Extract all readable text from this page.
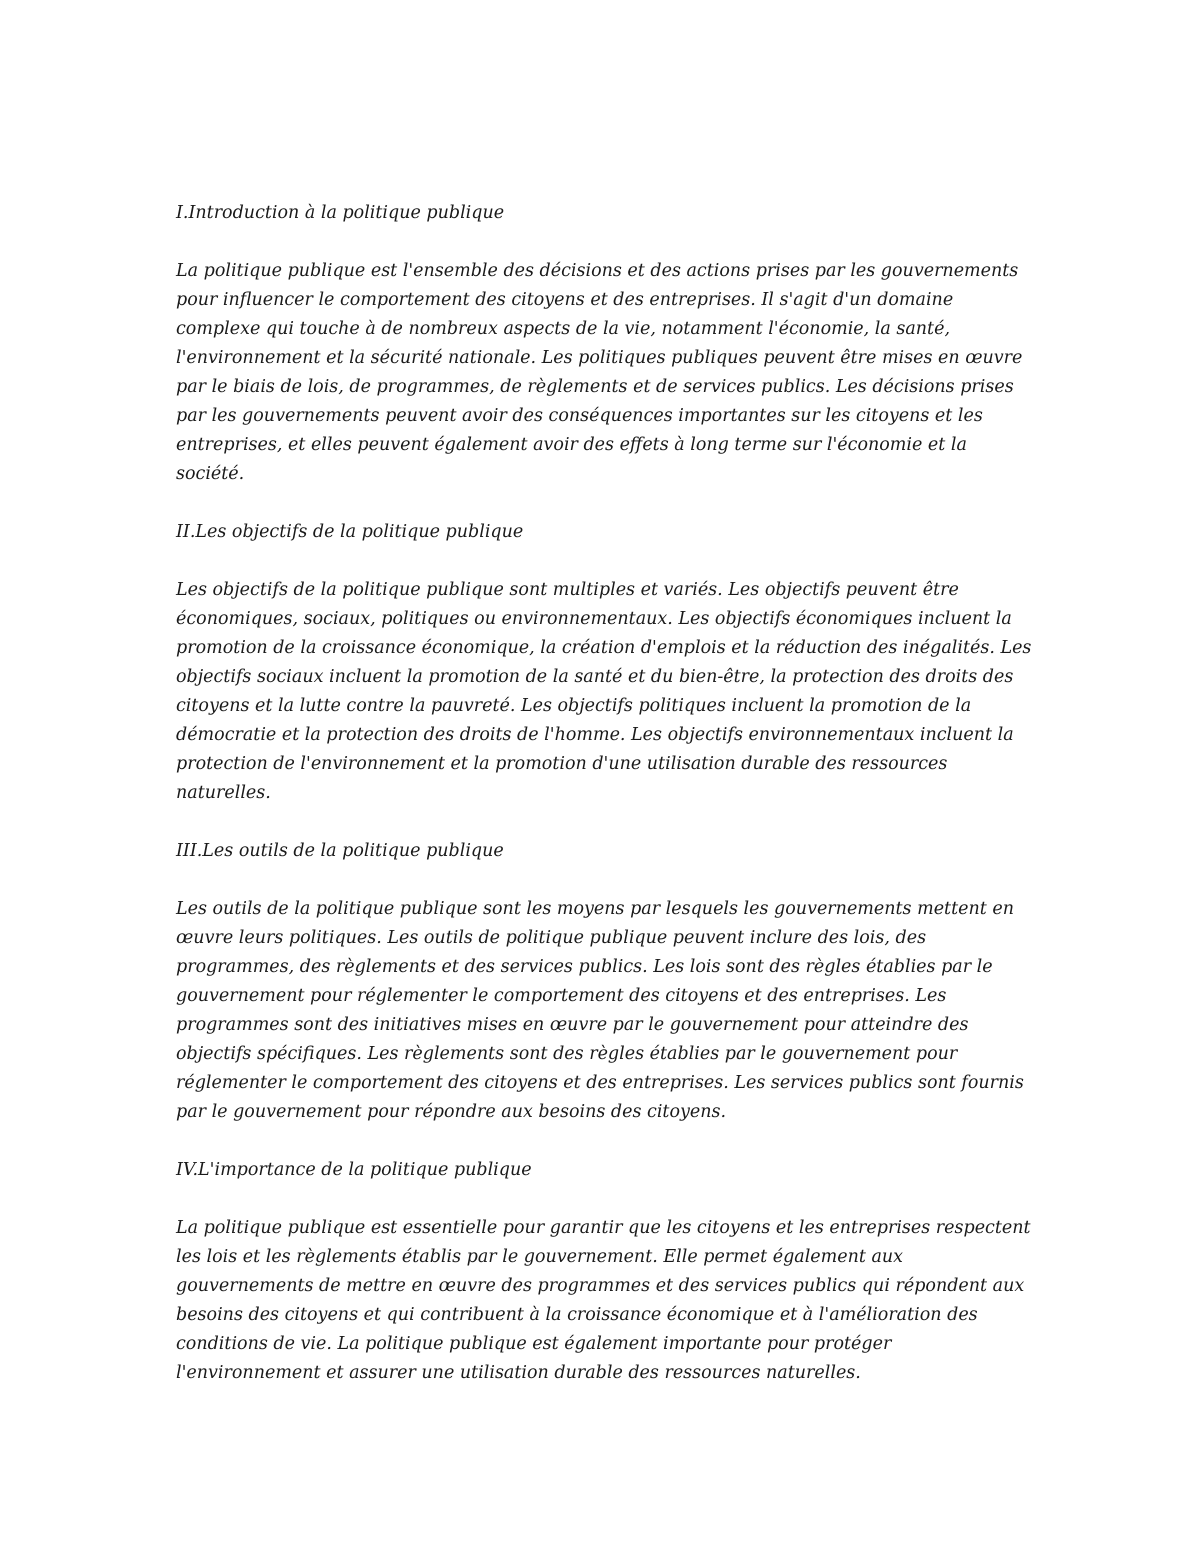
I.Introduction à la politique publique

La politique publique est l'ensemble des décisions et des actions prises par les gouvernements pour influencer le comportement des citoyens et des entreprises. Il s'agit d'un domaine complexe qui touche à de nombreux aspects de la vie, notamment l'économie, la santé, l'environnement et la sécurité nationale. Les politiques publiques peuvent être mises en œuvre par le biais de lois, de programmes, de règlements et de services publics. Les décisions prises par les gouvernements peuvent avoir des conséquences importantes sur les citoyens et les entreprises, et elles peuvent également avoir des effets à long terme sur l'économie et la société.

II.Les objectifs de la politique publique

Les objectifs de la politique publique sont multiples et variés. Les objectifs peuvent être économiques, sociaux, politiques ou environnementaux. Les objectifs économiques incluent la promotion de la croissance économique, la création d'emplois et la réduction des inégalités. Les objectifs sociaux incluent la promotion de la santé et du bien-être, la protection des droits des citoyens et la lutte contre la pauvreté. Les objectifs politiques incluent la promotion de la démocratie et la protection des droits de l'homme. Les objectifs environnementaux incluent la protection de l'environnement et la promotion d'une utilisation durable des ressources naturelles.

III.Les outils de la politique publique

Les outils de la politique publique sont les moyens par lesquels les gouvernements mettent en œuvre leurs politiques. Les outils de politique publique peuvent inclure des lois, des programmes, des règlements et des services publics. Les lois sont des règles établies par le gouvernement pour réglementer le comportement des citoyens et des entreprises. Les programmes sont des initiatives mises en œuvre par le gouvernement pour atteindre des objectifs spécifiques. Les règlements sont des règles établies par le gouvernement pour réglementer le comportement des citoyens et des entreprises. Les services publics sont fournis par le gouvernement pour répondre aux besoins des citoyens.

IV.L'importance de la politique publique

La politique publique est essentielle pour garantir que les citoyens et les entreprises respectent les lois et les règlements établis par le gouvernement. Elle permet également aux gouvernements de mettre en œuvre des programmes et des services publics qui répondent aux besoins des citoyens et qui contribuent à la croissance économique et à l'amélioration des conditions de vie. La politique publique est également importante pour protéger l'environnement et assurer une utilisation durable des ressources naturelles.
